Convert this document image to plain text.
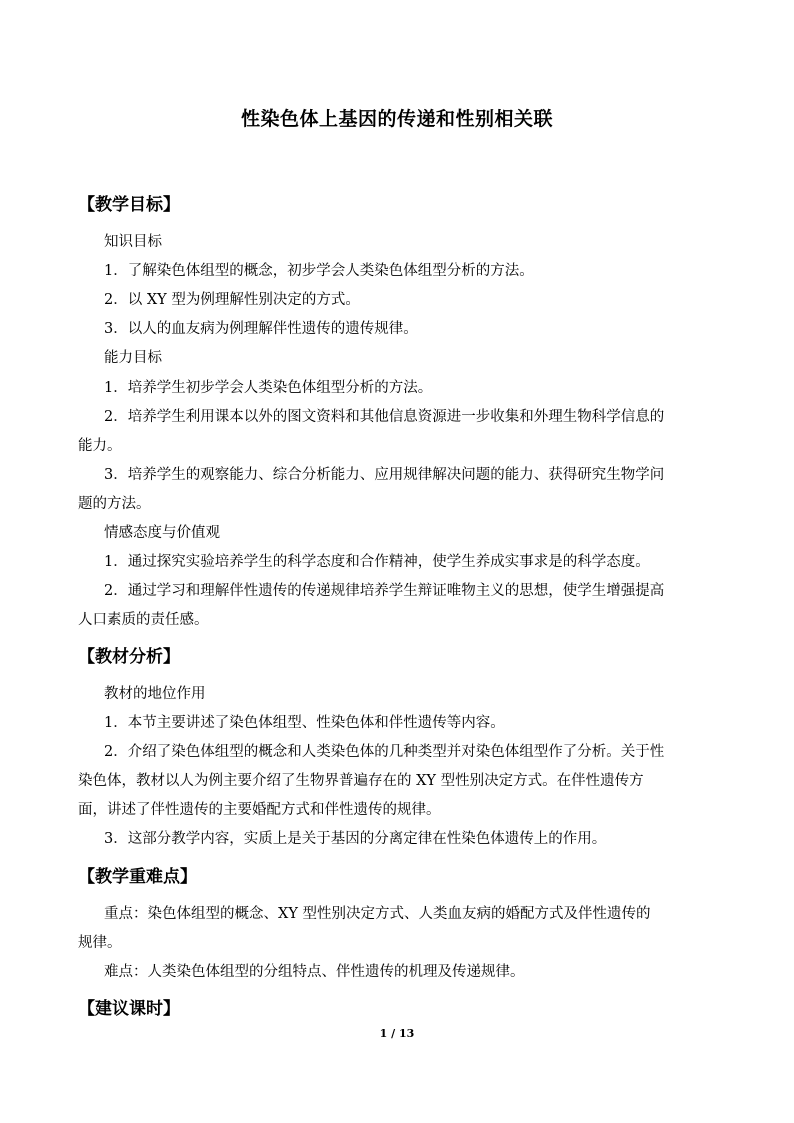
性染色体上基因的传递和性别相关联
【教学目标】
知识目标
1．了解染色体组型的概念，初步学会人类染色体组型分析的方法。
2．以 XY 型为例理解性别决定的方式。
3．以人的血友病为例理解伴性遗传的遗传规律。
能力目标
1．培养学生初步学会人类染色体组型分析的方法。
2．培养学生利用课本以外的图文资料和其他信息资源进一步收集和外理生物科学信息的
能力。
3．培养学生的观察能力、综合分析能力、应用规律解决问题的能力、获得研究生物学问
题的方法。
情感态度与价值观
1．通过探究实验培养学生的科学态度和合作精神，使学生养成实事求是的科学态度。
2．通过学习和理解伴性遗传的传递规律培养学生辩证唯物主义的思想，使学生增强提高
人口素质的责任感。
【教材分析】
教材的地位作用
1．本节主要讲述了染色体组型、性染色体和伴性遗传等内容。
2．介绍了染色体组型的概念和人类染色体的几种类型并对染色体组型作了分析。关于性
染色体，教材以人为例主要介绍了生物界普遍存在的 XY 型性别决定方式。在伴性遗传方
面，讲述了伴性遗传的主要婚配方式和伴性遗传的规律。
3．这部分教学内容，实质上是关于基因的分离定律在性染色体遗传上的作用。
【教学重难点】
重点：染色体组型的概念、XY 型性别决定方式、人类血友病的婚配方式及伴性遗传的
规律。
难点：人类染色体组型的分组特点、伴性遗传的机理及传递规律。
【建议课时】
1 / 13
